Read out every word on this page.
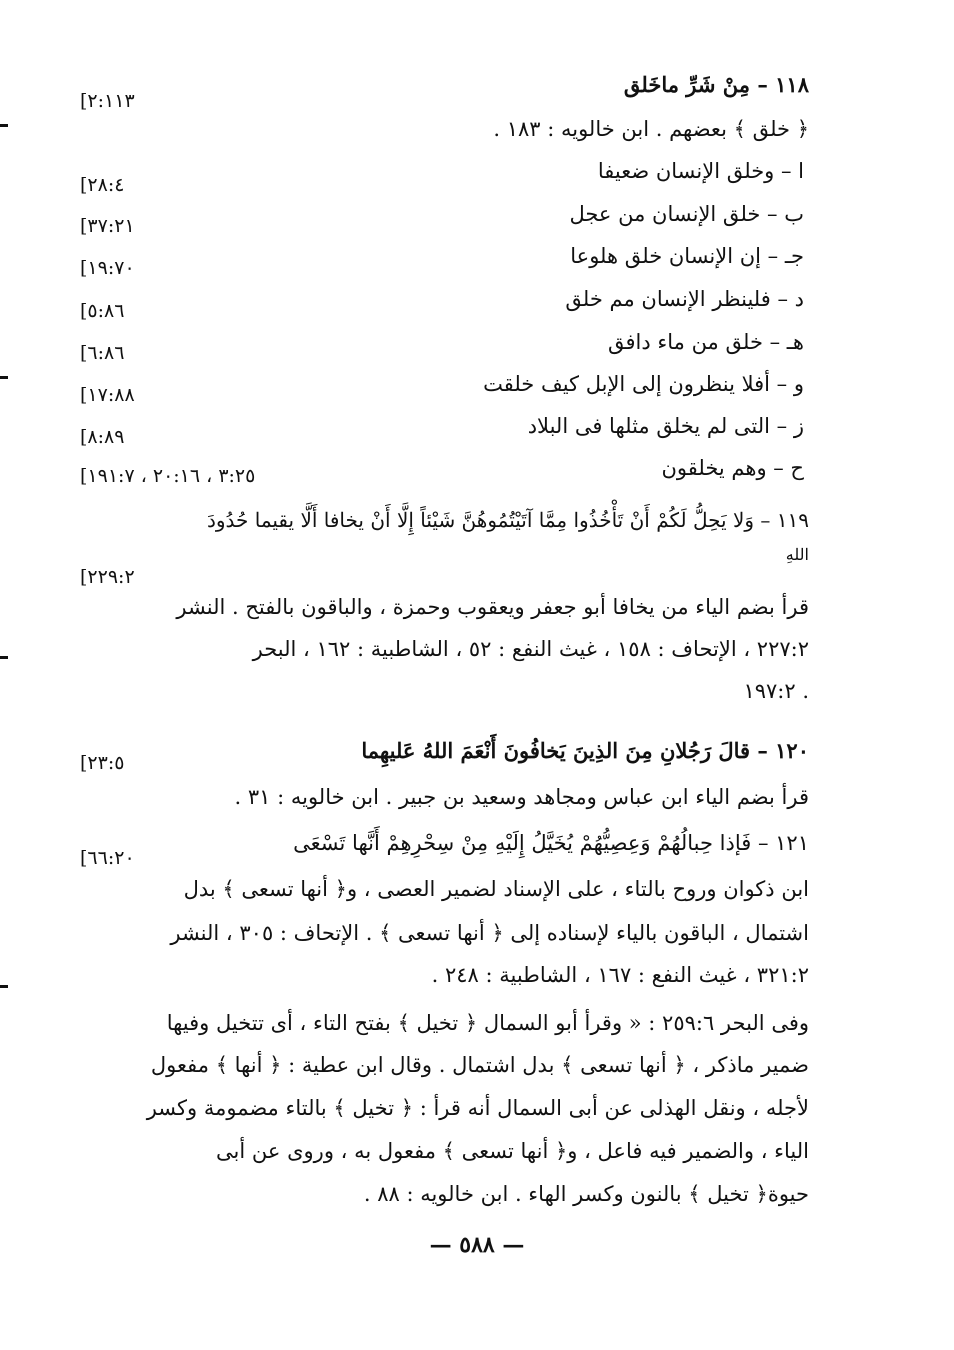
١١٨ – مِنْ شَرِّ ماخَلق
[٢:١١٣
﴿ خلق ﴾ بعضهم . ابن خالويه : ١٨٣ .
ا – وخلق الإنسان ضعيفا
[٢٨:٤
ب – خلق الإنسان من عجل
[٣٧:٢١
جـ – إن الإنسان خلق هلوعا
[١٩:٧٠
د – فلينظر الإنسان مم خلق
[٥:٨٦
هـ – خلق من ماء دافق
[٦:٨٦
و – أفلا ينظرون إلى الإبل كيف خلقت
[١٧:٨٨
ز – التى لم يخلق مثلها فى البلاد
[٨:٨٩
ح – وهم يخلقون
[٣:٢٥ ، ٢٠:١٦ ، ١٩١:٧
١١٩ – وَلا يَحِلُّ لَكُمْ أَنْ تَأْخُذُوا مِمَّا آتَيْتُمُوهُنَّ شَيْئاً إِلَّا أَنْ يخافا أَلَّا يقيما حُدُودَ
اللهِ
[٢٢٩:٢
قرأ بضم الياء من يخافا أبو جعفر ويعقوب وحمزة ، والباقون بالفتح . النشر
٢٢٧:٢ ، الإتحاف : ١٥٨ ، غيث النفع : ٥٢ ، الشاطبية : ١٦٢ ، البحر
١٩٧:٢ .
١٢٠ – قالَ رَجُلانِ مِنَ الذِينَ يَخافُونَ أَنْعَمَ اللهُ عَليهِما
[٢٣:٥
قرأ بضم الياء ابن عباس ومجاهد وسعيد بن جبير . ابن خالويه : ٣١ .
١٢١ – فَإذا حِبالُهُمْ وَعِصِيُّهُمْ يُخَيَّلُ إِلَيْهِ مِنْ سِحْرِهِمْ أَنَّها تَسْعَى
[٦٦:٢٠
ابن ذكوان وروح بالتاء ، على الإسناد لضمير العصى ، و﴿ أنها تسعى ﴾ بدل
اشتمال ، الباقون بالياء لإسناده إلى ﴿ أنها تسعى ﴾ . الإتحاف : ٣٠٥ ، النشر
٣٢١:٢ ، غيث النفع : ١٦٧ ، الشاطبية : ٢٤٨ .
وفى البحر ٢٥٩:٦ : « وقرأ أبو السمال ﴿ تخيل ﴾ بفتح التاء ، أى تتخيل وفيها
ضمير ماذكر ، ﴿ أنها تسعى ﴾ بدل اشتمال . وقال ابن عطية : ﴿ أنها ﴾ مفعول
لأجله ، ونقل الهذلى عن أبى السمال أنه قرأ : ﴿ تخيل ﴾ بالتاء مضمومة وكسر
الياء ، والضمير فيه فاعل ، و﴿ أنها تسعى ﴾ مفعول به ، وروى عن أبى
حيوة﴿ تخيل ﴾ بالنون وكسر الهاء . ابن خالويه : ٨٨ .
— ٥٨٨ —
